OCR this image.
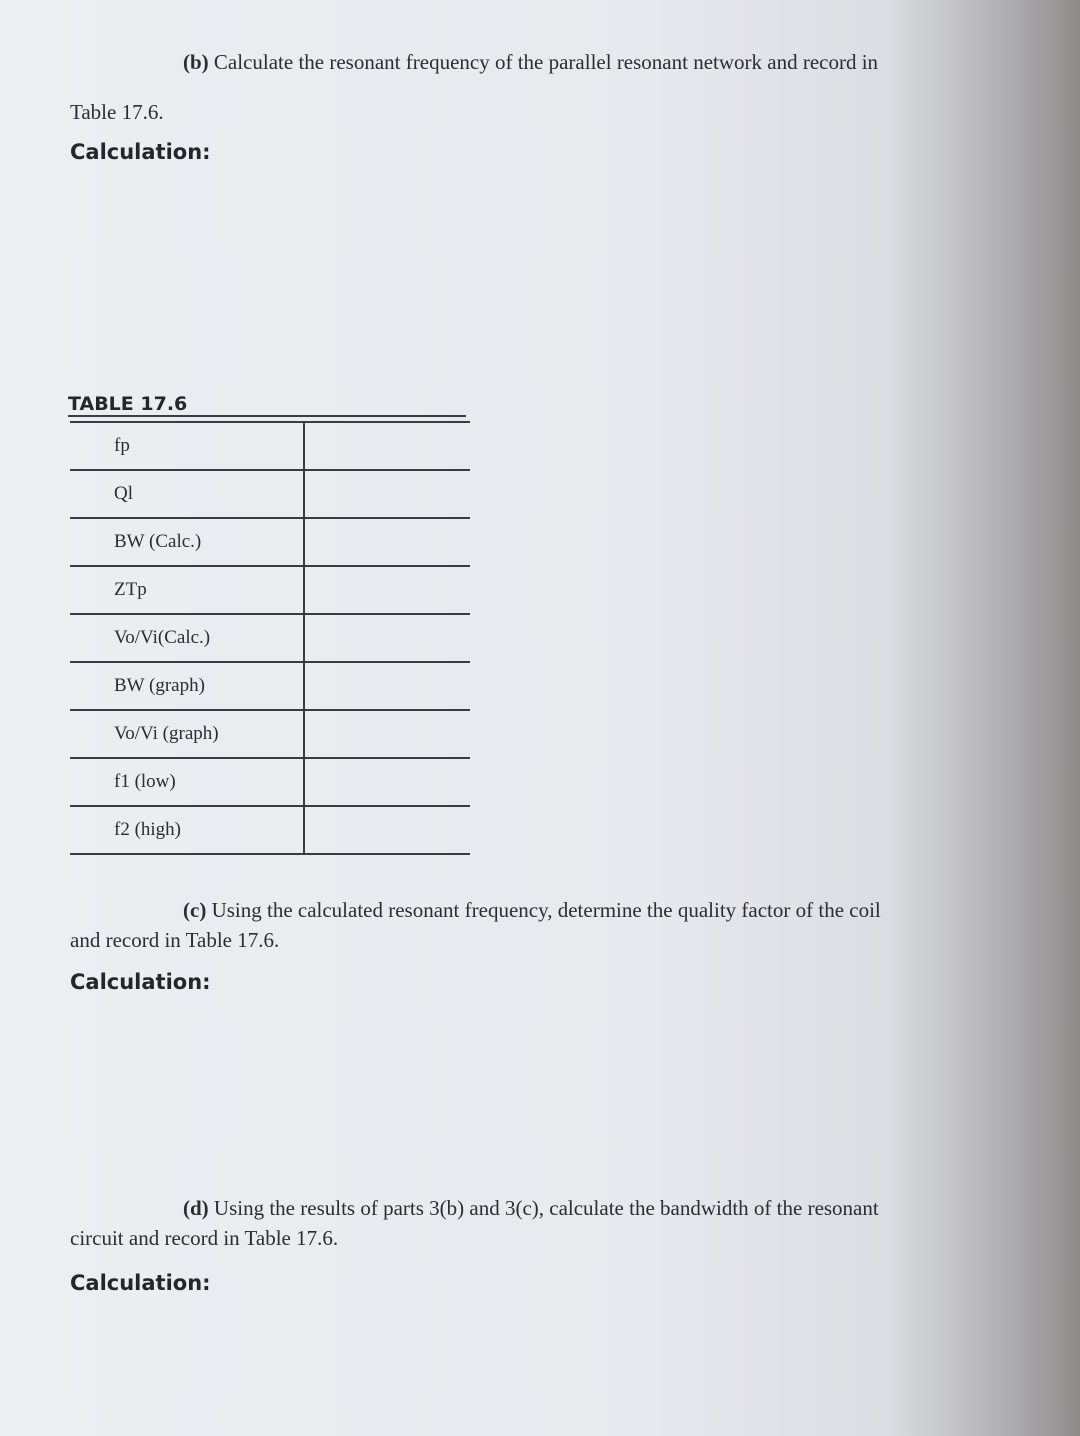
(b) Calculate the resonant frequency of the parallel resonant network and record in
Table 17.6.
Calculation:
TABLE 17.6
fp	
Ql	
BW (Calc.)	
ZTp	
Vo/Vi(Calc.)	
BW (graph)	
Vo/Vi (graph)	
f1 (low)	
f2 (high)	
(c) Using the calculated resonant frequency, determine the quality factor of the coil
and record in Table 17.6.
Calculation:
(d) Using the results of parts 3(b) and 3(c), calculate the bandwidth of the resonant
circuit and record in Table 17.6.
Calculation:
